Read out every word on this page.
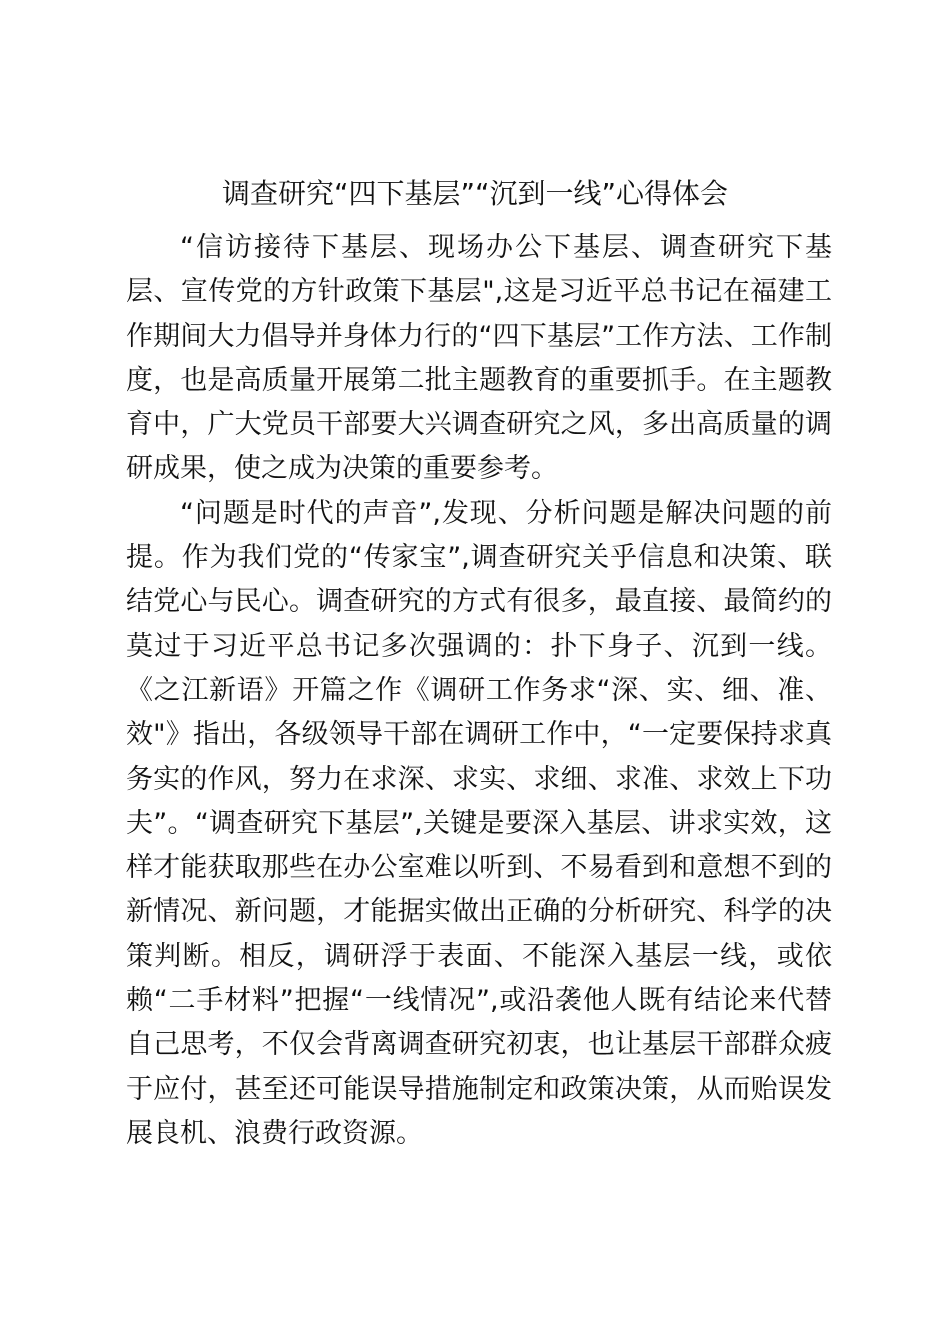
调查研究“四下基层”“沉到一线”心得体会

“信访接待下基层、现场办公下基层、调查研究下基层、宣传党的方针政策下基层",这是习近平总书记在福建工作期间大力倡导并身体力行的“四下基层”工作方法、工作制度，也是高质量开展第二批主题教育的重要抓手。在主题教育中，广大党员干部要大兴调查研究之风，多出高质量的调研成果，使之成为决策的重要参考。

“问题是时代的声音”,发现、分析问题是解决问题的前提。作为我们党的“传家宝”,调查研究关乎信息和决策、联结党心与民心。调查研究的方式有很多，最直接、最简约的莫过于习近平总书记多次强调的：扑下身子、沉到一线。《之江新语》开篇之作《调研工作务求“深、实、细、准、效"》指出，各级领导干部在调研工作中，“一定要保持求真务实的作风，努力在求深、求实、求细、求准、求效上下功夫”。“调查研究下基层”,关键是要深入基层、讲求实效，这样才能获取那些在办公室难以听到、不易看到和意想不到的新情况、新问题，才能据实做出正确的分析研究、科学的决策判断。相反，调研浮于表面、不能深入基层一线，或依赖“二手材料”把握“一线情况”,或沿袭他人既有结论来代替自己思考，不仅会背离调查研究初衷，也让基层干部群众疲于应付，甚至还可能误导措施制定和政策决策，从而贻误发展良机、浪费行政资源。
